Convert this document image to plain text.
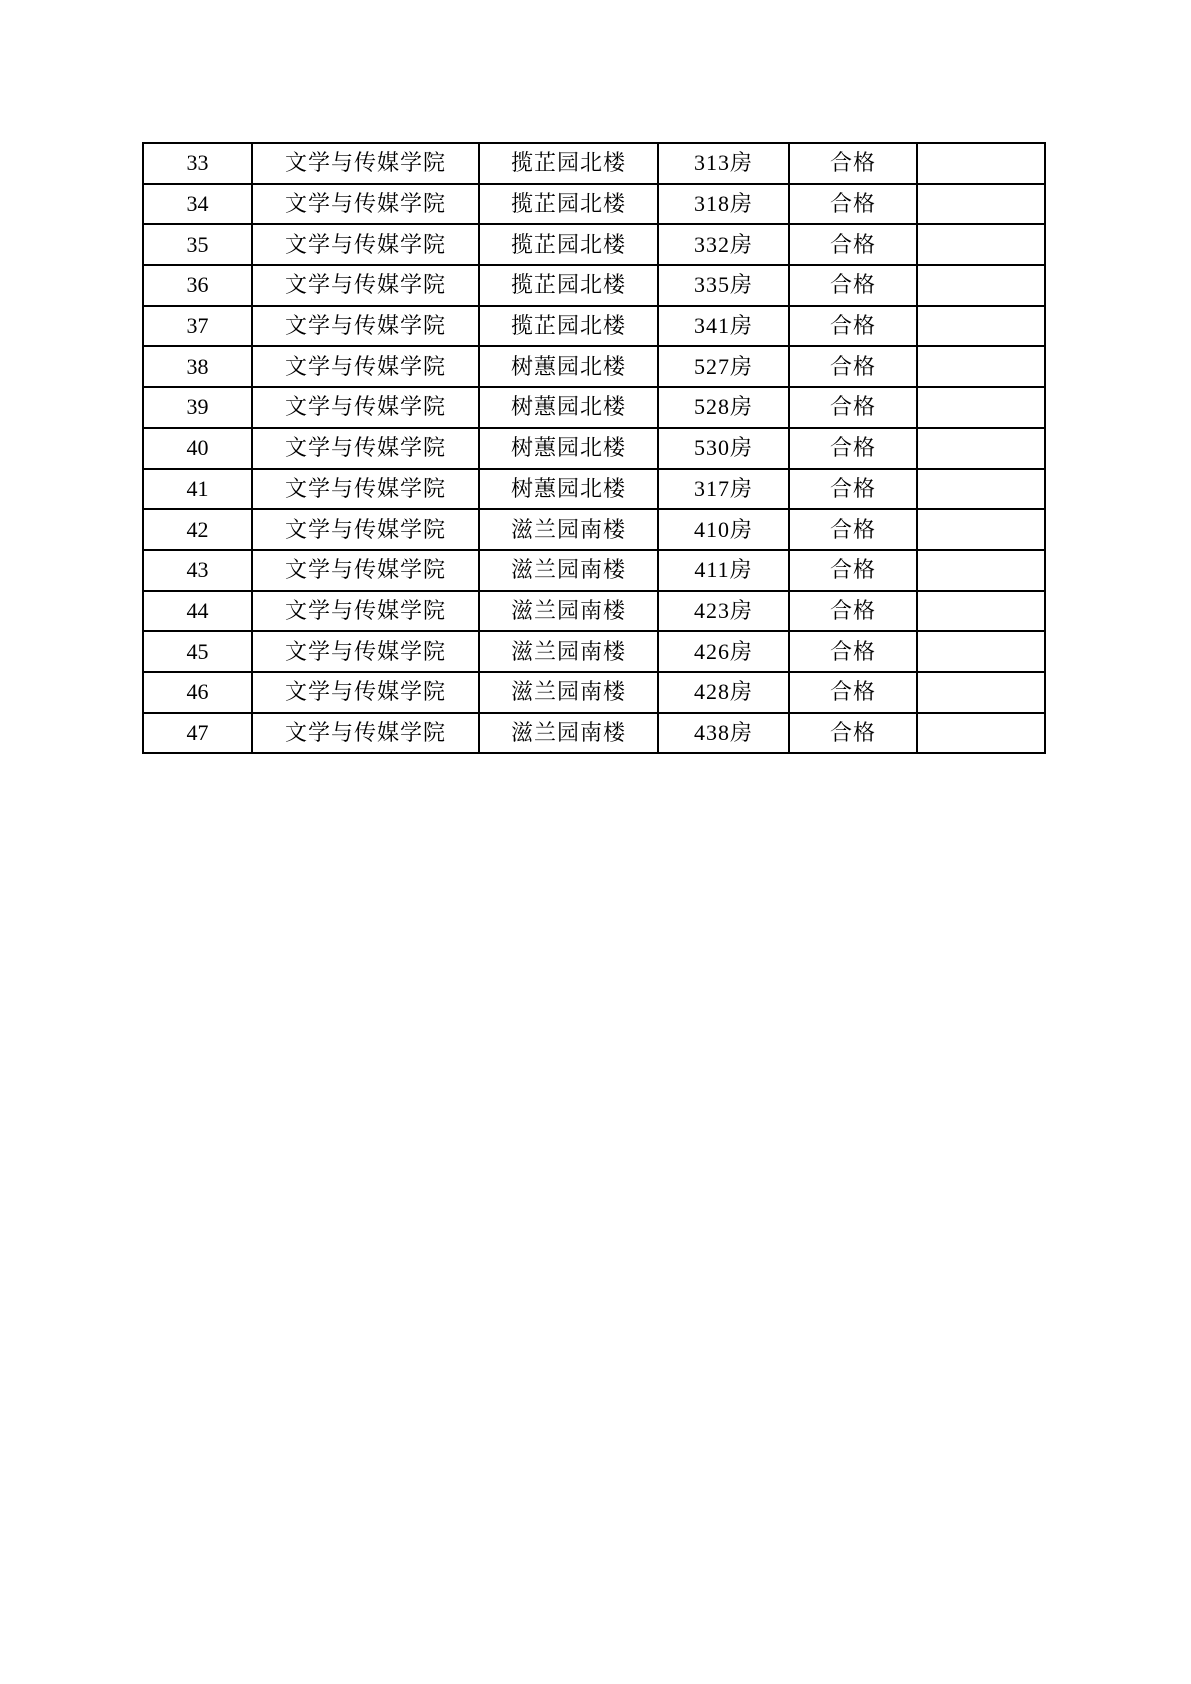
33	文学与传媒学院	揽芷园北楼	313房	合格	
34	文学与传媒学院	揽芷园北楼	318房	合格	
35	文学与传媒学院	揽芷园北楼	332房	合格	
36	文学与传媒学院	揽芷园北楼	335房	合格	
37	文学与传媒学院	揽芷园北楼	341房	合格	
38	文学与传媒学院	树蕙园北楼	527房	合格	
39	文学与传媒学院	树蕙园北楼	528房	合格	
40	文学与传媒学院	树蕙园北楼	530房	合格	
41	文学与传媒学院	树蕙园北楼	317房	合格	
42	文学与传媒学院	滋兰园南楼	410房	合格	
43	文学与传媒学院	滋兰园南楼	411房	合格	
44	文学与传媒学院	滋兰园南楼	423房	合格	
45	文学与传媒学院	滋兰园南楼	426房	合格	
46	文学与传媒学院	滋兰园南楼	428房	合格	
47	文学与传媒学院	滋兰园南楼	438房	合格	
